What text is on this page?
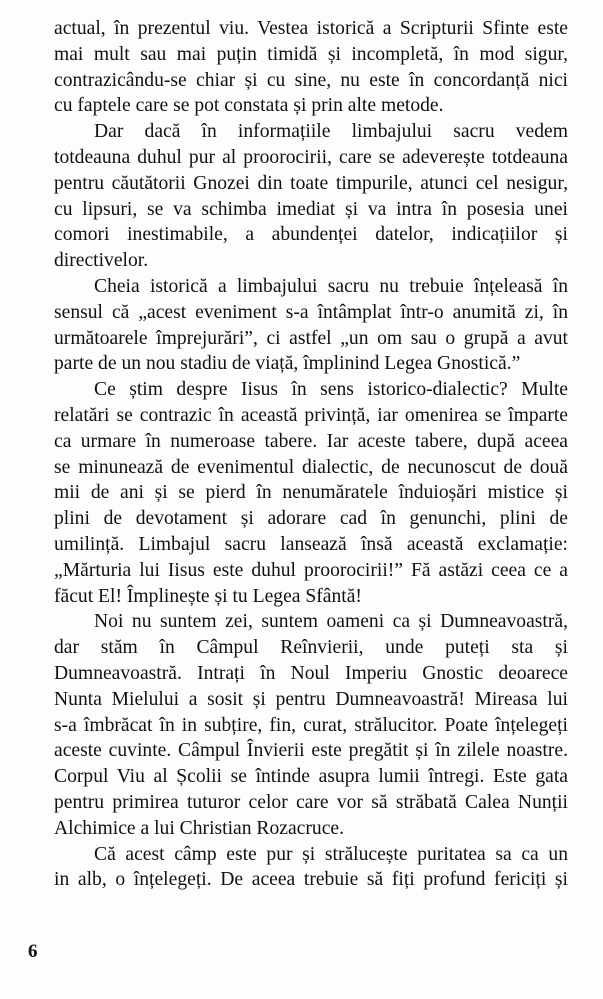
actual, în prezentul viu. Vestea istorică a Scripturii Sfinte este
mai mult sau mai puțin timidă și incompletă, în mod sigur,
contrazicându-se chiar și cu sine, nu este în concordanță nici
cu faptele care se pot constata și prin alte metode.
Dar dacă în informațiile limbajului sacru vedem
totdeauna duhul pur al proorocirii, care se adeverește totdeauna
pentru căutătorii Gnozei din toate timpurile, atunci cel nesigur,
cu lipsuri, se va schimba imediat și va intra în posesia unei
comori inestimabile, a abundenței datelor, indicațiilor și
directivelor.
Cheia istorică a limbajului sacru nu trebuie înțeleasă în
sensul că „acest eveniment s-a întâmplat într-o anumită zi, în
următoarele împrejurări”, ci astfel „un om sau o grupă a avut
parte de un nou stadiu de viață, împlinind Legea Gnostică.”
Ce știm despre Iisus în sens istorico-dialectic? Multe
relatări se contrazic în această privință, iar omenirea se împarte
ca urmare în numeroase tabere. Iar aceste tabere, după aceea
se minunează de evenimentul dialectic, de necunoscut de două
mii de ani și se pierd în nenumăratele înduioșări mistice și
plini de devotament și adorare cad în genunchi, plini de
umilință. Limbajul sacru lansează însă această exclamație:
„Mărturia lui Iisus este duhul proorocirii!” Fă astăzi ceea ce a
făcut El! Împlinește și tu Legea Sfântă!
Noi nu suntem zei, suntem oameni ca și Dumneavoastră,
dar stăm în Câmpul Reînvierii, unde puteți sta și
Dumneavoastră. Intrați în Noul Imperiu Gnostic deoarece
Nunta Mielului a sosit și pentru Dumneavoastră! Mireasa lui
s-a îmbrăcat în in subțire, fin, curat, strălucitor. Poate înțelegeți
aceste cuvinte. Câmpul Învierii este pregătit și în zilele noastre.
Corpul Viu al Școlii se întinde asupra lumii întregi. Este gata
pentru primirea tuturor celor care vor să străbată Calea Nunții
Alchimice a lui Christian Rozacruce.
Că acest câmp este pur și strălucește puritatea sa ca un
in alb, o înțelegeți. De aceea trebuie să fiți profund fericiți și
6
